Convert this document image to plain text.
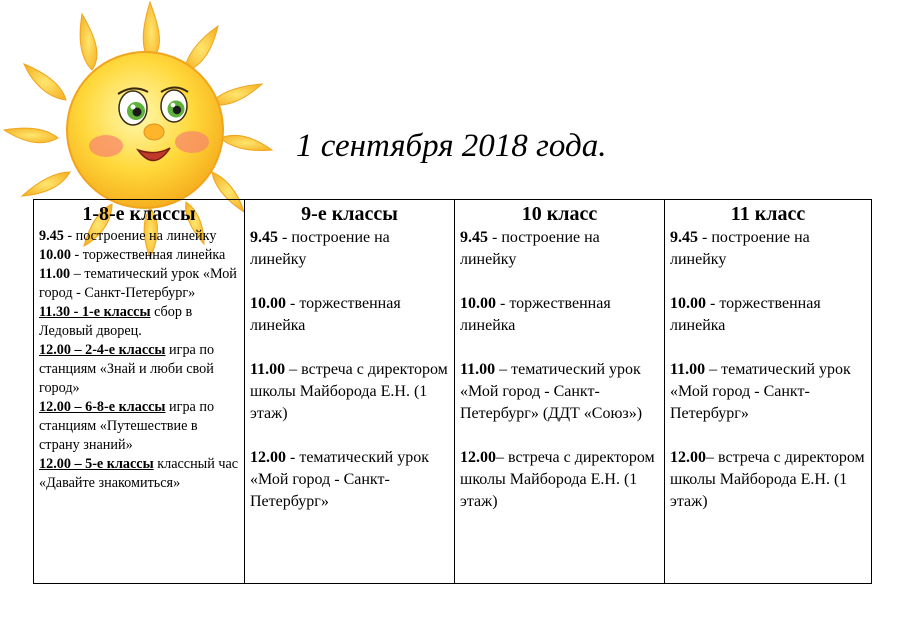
1 сентября 2018 года.
1-8-е классы
9.45 - построение на линейку
10.00 - торжественная линейка
11.00 – тематический урок «Мой город - Санкт-Петербург»
11.30 - 1-е классы сбор в Ледовый дворец.
12.00 – 2-4-е классы игра по станциям «Знай и люби свой город»
12.00 – 6-8-е классы игра по станциям «Путешествие в страну знаний»
12.00 – 5-е классы классный час «Давайте знакомиться»
9-е классы
9.45 - построение на линейку
10.00 - торжественная линейка
11.00 – встреча с директором школы Майборода Е.Н. (1 этаж)
12.00 - тематический урок «Мой город - Санкт-Петербург»
10 класс
9.45 - построение на линейку
10.00 - торжественная линейка
11.00 – тематический урок «Мой город - Санкт-Петербург» (ДДТ «Союз»)
12.00– встреча с директором школы Майборода Е.Н. (1 этаж)
11 класс
9.45 - построение на линейку
10.00 - торжественная линейка
11.00 – тематический урок «Мой город - Санкт-Петербург»
12.00– встреча с директором школы Майборода Е.Н. (1 этаж)
